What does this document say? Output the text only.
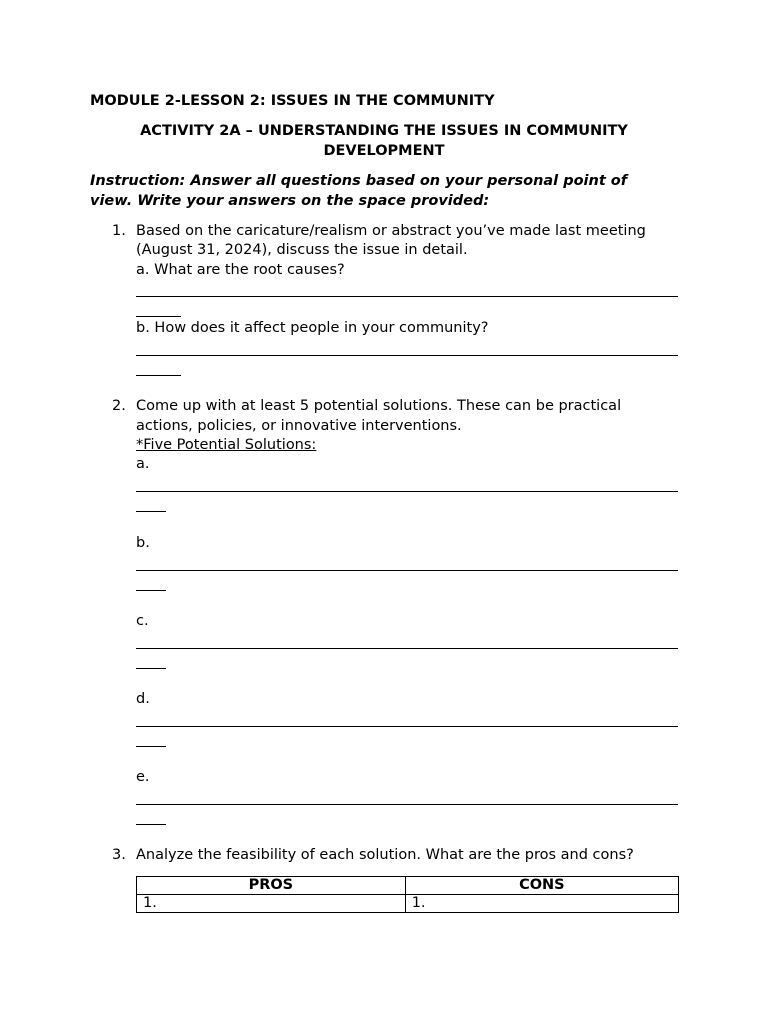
MODULE 2-LESSON 2: ISSUES IN THE COMMUNITY

ACTIVITY 2A – UNDERSTANDING THE ISSUES IN COMMUNITY

DEVELOPMENT

Instruction: Answer all questions based on your personal point of

view. Write your answers on the space provided:

1. Based on the caricature/realism or abstract you’ve made last meeting

(August 31, 2024), discuss the issue in detail.

a. What are the root causes?

b. How does it affect people in your community?

2. Come up with at least 5 potential solutions. These can be practical

actions, policies, or innovative interventions.

*Five Potential Solutions:

a.

b.

c.

d.

e.

3. Analyze the feasibility of each solution. What are the pros and cons?

PROS	CONS
1.	1.
